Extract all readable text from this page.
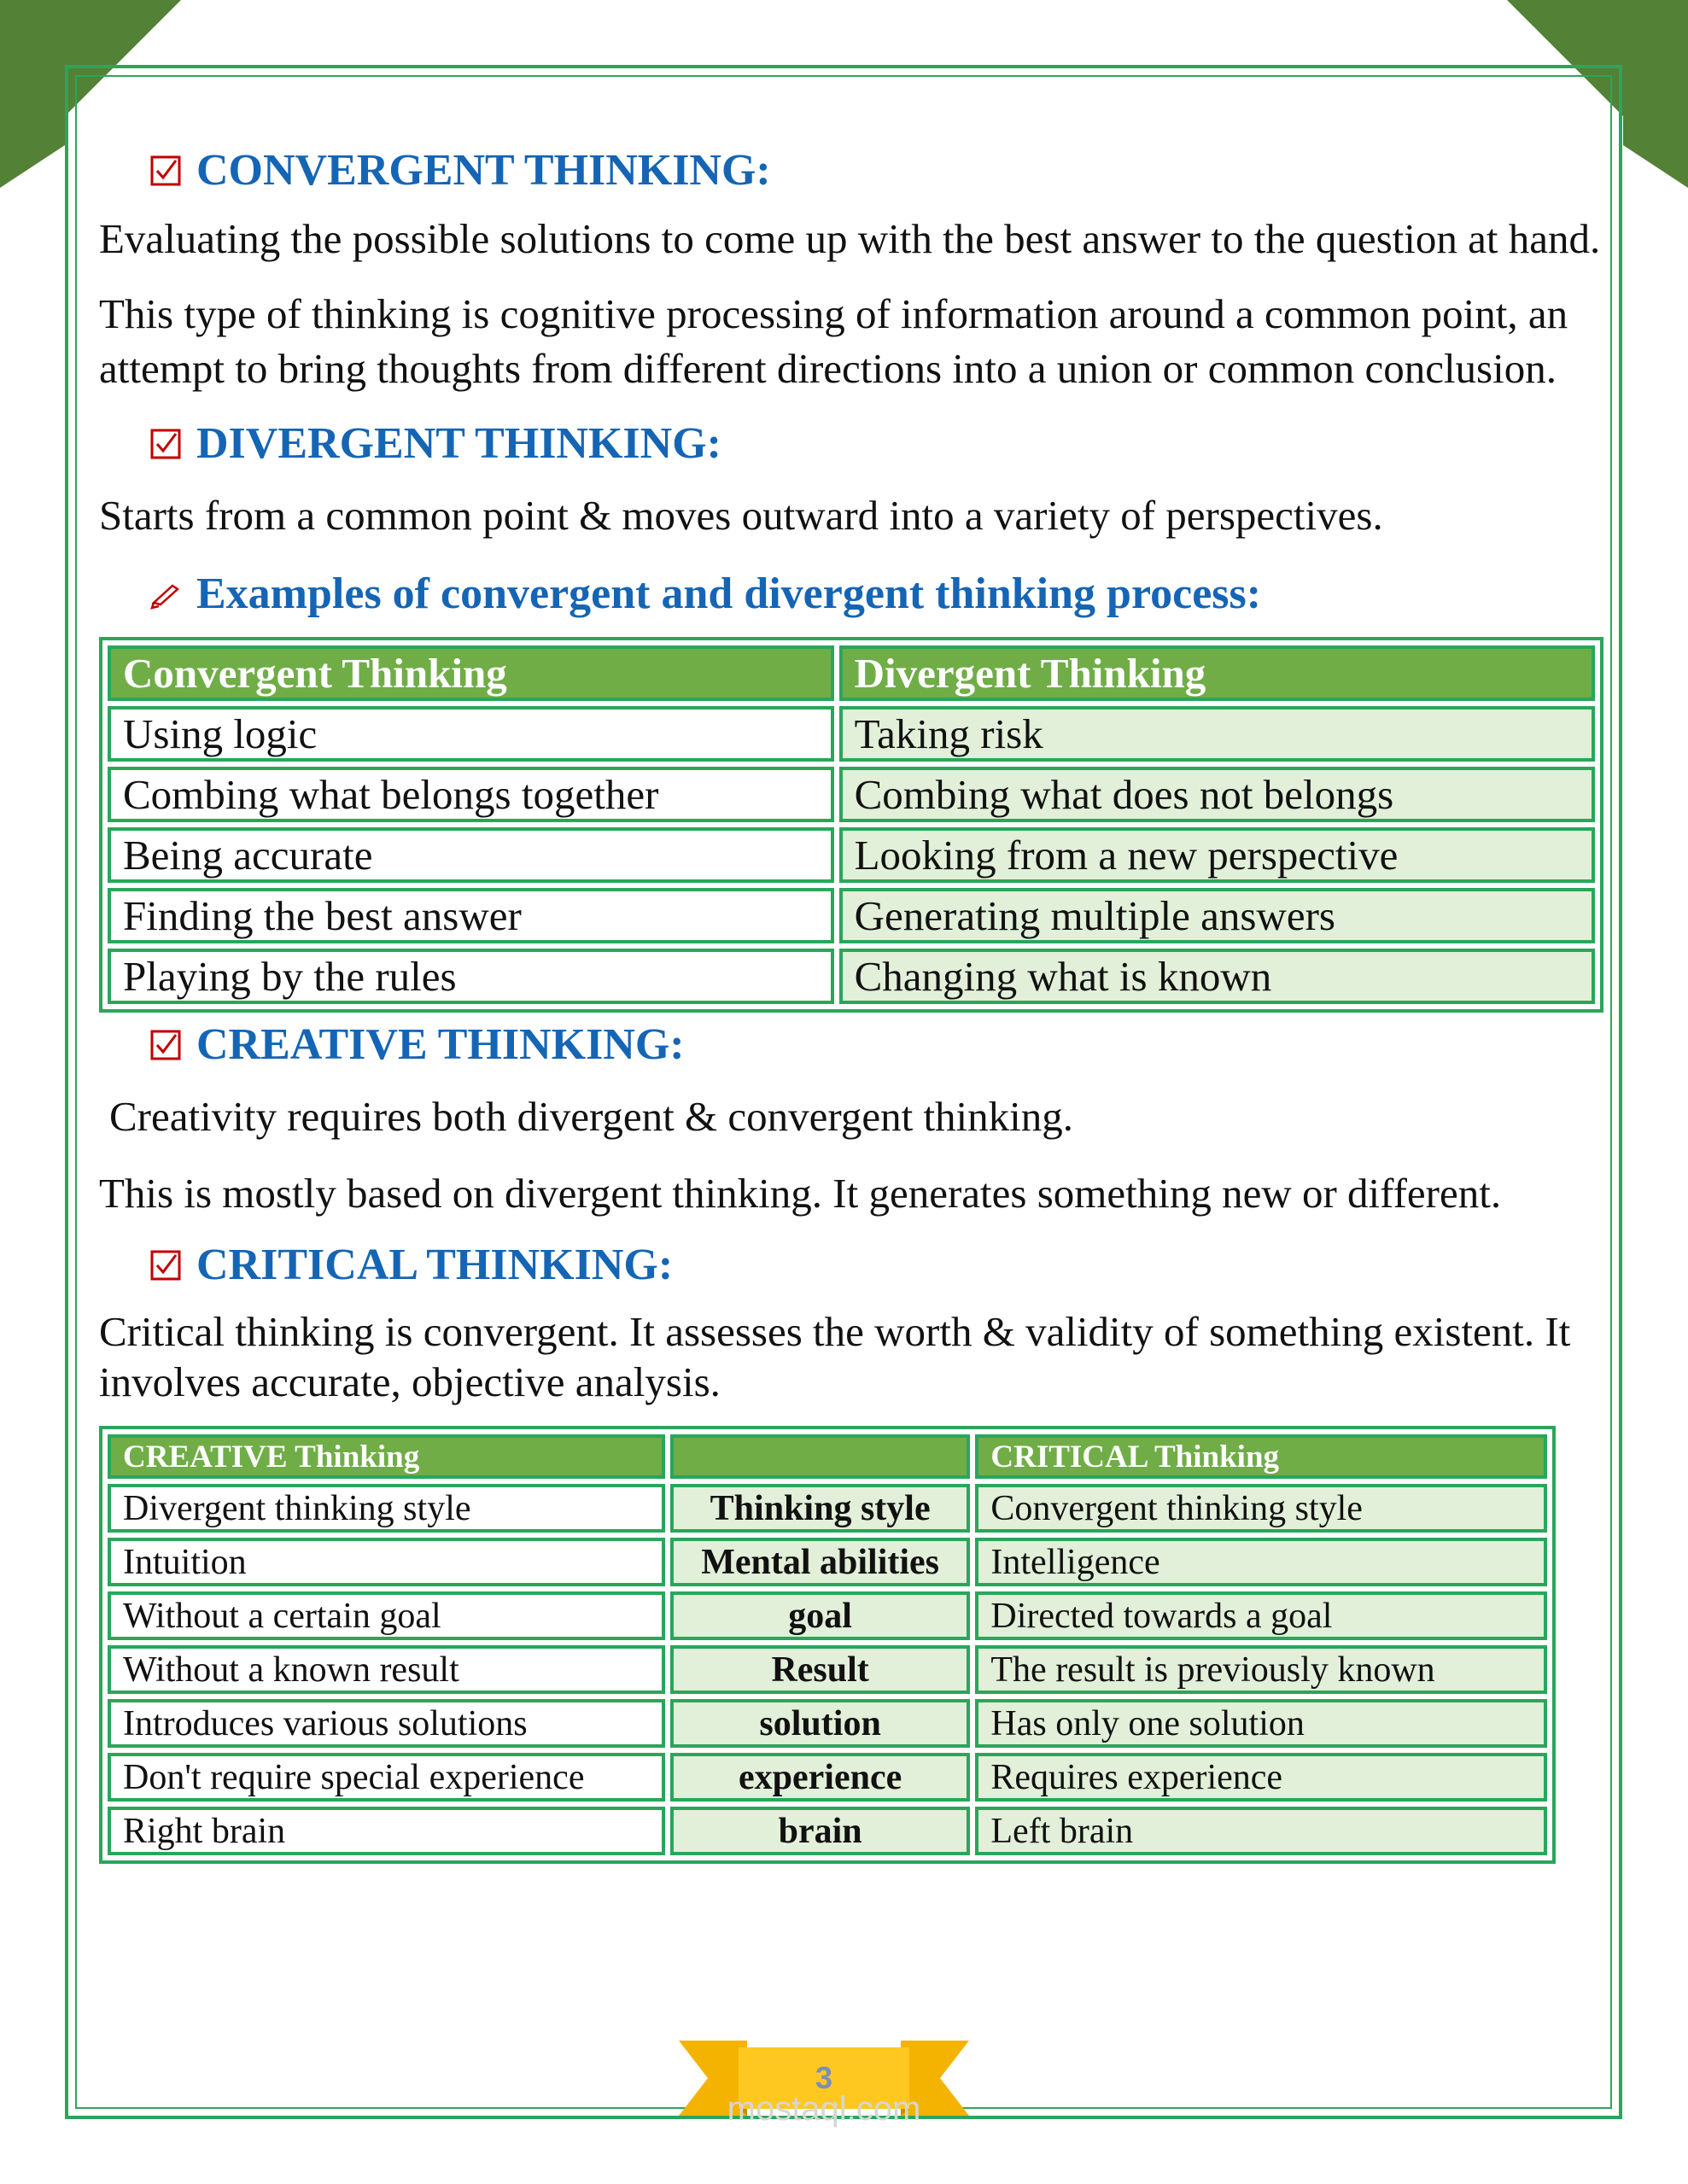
CONVERGENT THINKING:

Evaluating the possible solutions to come up with the best answer to the question at hand.

This type of thinking is cognitive processing of information around a common point, an attempt to bring thoughts from different directions into a union or common conclusion.

DIVERGENT THINKING:

Starts from a common point & moves outward into a variety of perspectives.

Examples of convergent and divergent thinking process:
Convergent Thinking	Divergent Thinking
Using logic	Taking risk
Combing what belongs together	Combing what does not belongs
Being accurate	Looking from a new perspective
Finding the best answer	Generating multiple answers
Playing by the rules	Changing what is known
CREATIVE THINKING:

Creativity requires both divergent & convergent thinking.

This is mostly based on divergent thinking. It generates something new or different.

CRITICAL THINKING:

Critical thinking is convergent. It assesses the worth & validity of something existent. It involves accurate, objective analysis.

CREATIVE Thinking		CRITICAL Thinking
Divergent thinking style	Thinking style	Convergent thinking style
Intuition	Mental abilities	Intelligence
Without a certain goal	goal	Directed towards a goal
Without a known result	Result	The result is previously known
Introduces various solutions	solution	Has only one solution
Don't require special experience	experience	Requires experience
Right brain	brain	Left brain
3
mostaql.com
